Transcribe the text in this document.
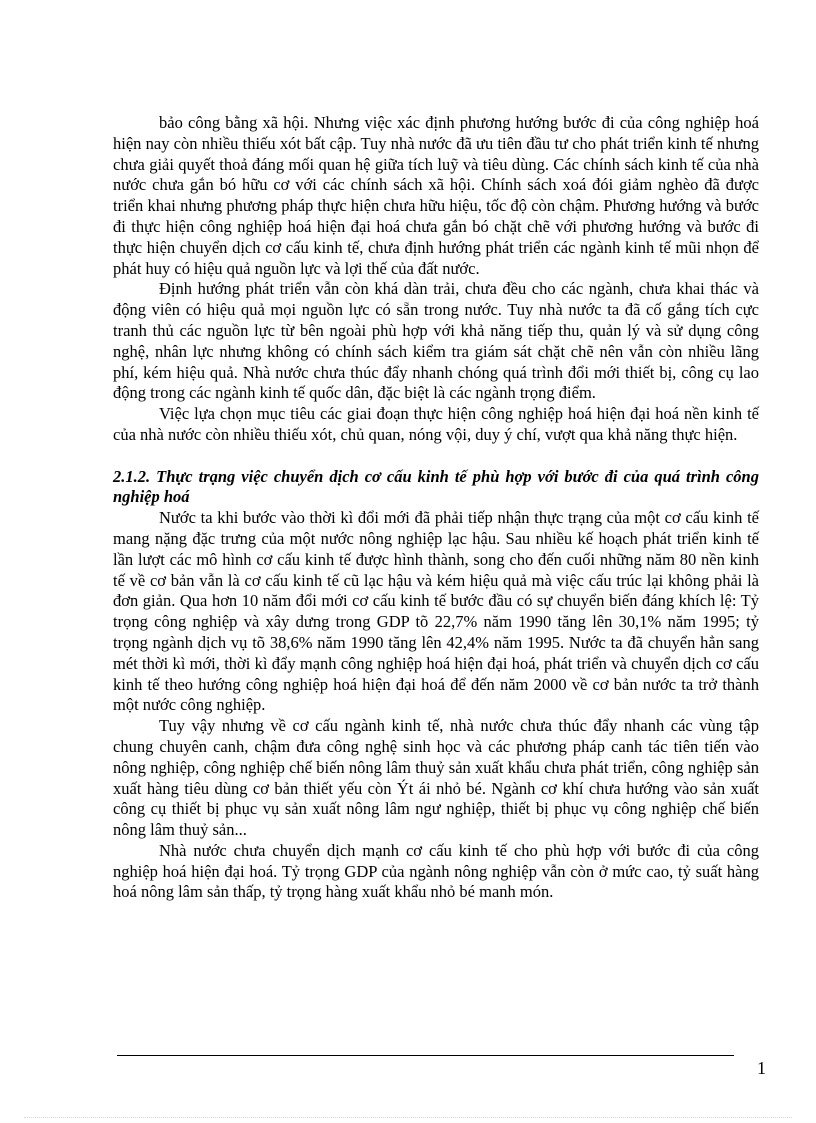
bảo công bằng xã hội. Nhưng việc xác định phương hướng bước đi của công nghiệp hoá hiện nay còn nhiều thiếu xót bất cập. Tuy nhà nước đã ưu tiên đầu tư cho phát triển kinh tế nhưng chưa giải quyết thoả đáng mối quan hệ giữa tích luỹ và tiêu dùng. Các chính sách kinh tế của nhà nước chưa gắn bó hữu cơ với các chính sách xã hội. Chính sách xoá đói giảm nghèo đã được triển khai nhưng phương pháp thực hiện chưa hữu hiệu, tốc độ còn chậm. Phương hướng và bước đi thực hiện công nghiệp hoá hiện đại hoá chưa gắn bó chặt chẽ với phương hướng và bước đi thực hiện chuyển dịch cơ cấu kinh tế, chưa định hướng phát triển các ngành kinh tế mũi nhọn để phát huy có hiệu quả nguồn lực và lợi thế của đất nước.

Định hướng phát triển vẫn còn khá dàn trải, chưa đều cho các ngành, chưa khai thác và động viên có hiệu quả mọi nguồn lực có sẵn trong nước. Tuy nhà nước ta đã cố gắng tích cực tranh thủ các nguồn lực từ bên ngoài phù hợp với khả năng tiếp thu, quản lý và sử dụng công nghệ, nhân lực nhưng không có chính sách kiểm tra giám sát chặt chẽ nên vẫn còn nhiều lãng phí, kém hiệu quả. Nhà nước chưa thúc đẩy nhanh chóng quá trình đổi mới thiết bị, công cụ lao động trong các ngành kinh tế quốc dân, đặc biệt là các ngành trọng điểm.

Việc lựa chọn mục tiêu các giai đoạn thực hiện công nghiệp hoá hiện đại hoá nền kinh tế của nhà nước còn nhiều thiếu xót, chủ quan, nóng vội, duy ý chí, vượt qua khả năng thực hiện.

2.1.2. Thực trạng việc chuyển dịch cơ cấu kinh tế phù hợp với bước đi của quá trình công nghiệp hoá

Nước ta khi bước vào thời kì đổi mới đã phải tiếp nhận thực trạng của một cơ cấu kinh tế mang nặng đặc trưng của một nước nông nghiệp lạc hậu. Sau nhiều kế hoạch phát triển kinh tế lần lượt các mô hình cơ cấu kinh tế được hình thành, song cho đến cuối những năm 80 nền kinh tế về cơ bản vẫn là cơ cấu kinh tế cũ lạc hậu và kém hiệu quả mà việc cấu trúc lại không phải là đơn giản. Qua hơn 10 năm đổi mới cơ cấu kinh tế bước đầu có sự chuyển biến đáng khích lệ: Tỷ trọng công nghiệp và xây dưng trong GDP tõ 22,7% năm 1990 tăng lên 30,1% năm 1995; tỷ trọng ngành dịch vụ tõ 38,6% năm 1990 tăng lên 42,4% năm 1995. Nước ta đã chuyển hẳn sang mét thời kì mới, thời kì đẩy mạnh công nghiệp hoá hiện đại hoá, phát triển và chuyển dịch cơ cấu kinh tế theo hướng công nghiệp hoá hiện đại hoá để đến năm 2000 về cơ bản nước ta trở thành một nước công nghiệp.

Tuy vậy nhưng về cơ cấu ngành kinh tế, nhà nước chưa thúc đẩy nhanh các vùng tập chung chuyên canh, chậm đưa công nghệ sinh học và các phương pháp canh tác tiên tiến vào nông nghiệp, công nghiệp chế biến nông lâm thuỷ sản xuất khẩu chưa phát triển, công nghiệp sản xuất hàng tiêu dùng cơ bản thiết yếu còn Ýt ái nhỏ bé. Ngành cơ khí chưa hướng vào sản xuất công cụ thiết bị phục vụ sản xuất nông lâm ngư nghiệp, thiết bị phục vụ công nghiệp chế biến nông lâm thuỷ sản...

Nhà nước chưa chuyển dịch mạnh cơ cấu kinh tế cho phù hợp với bước đi của công nghiệp hoá hiện đại hoá. Tỷ trọng GDP của ngành nông nghiệp vẫn còn ở mức cao, tỷ suất hàng hoá nông lâm sản thấp, tỷ trọng hàng xuất khẩu nhỏ bé manh món.

1
